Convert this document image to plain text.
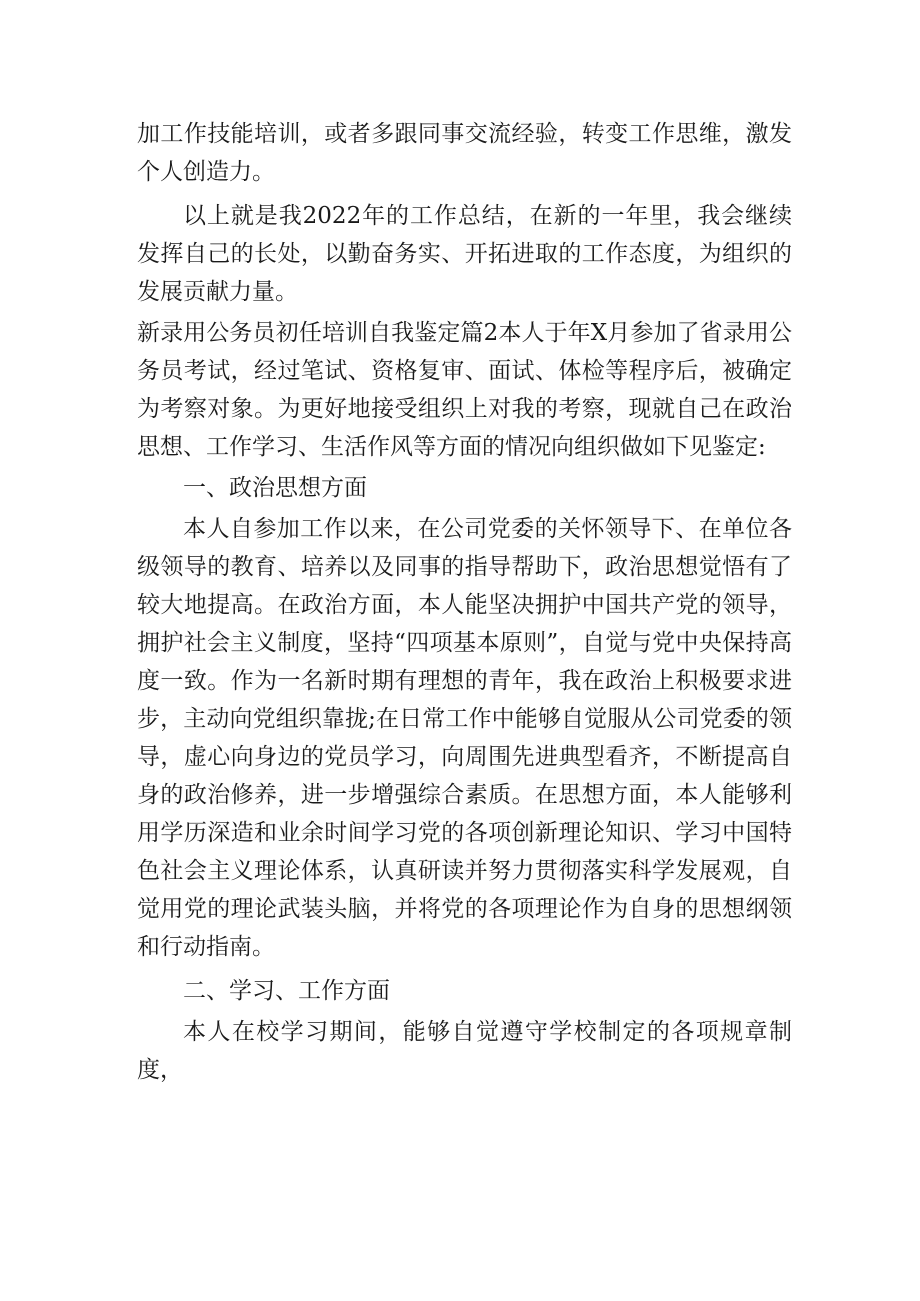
加工作技能培训，或者多跟同事交流经验，转变工作思维，激发个人创造力。

以上就是我2022年的工作总结，在新的一年里，我会继续发挥自己的长处，以勤奋务实、开拓进取的工作态度，为组织的发展贡献力量。

新录用公务员初任培训自我鉴定篇2本人于年X月参加了省录用公务员考试，经过笔试、资格复审、面试、体检等程序后，被确定为考察对象。为更好地接受组织上对我的考察，现就自己在政治思想、工作学习、生活作风等方面的情况向组织做如下见鉴定:

一、政治思想方面

本人自参加工作以来，在公司党委的关怀领导下、在单位各级领导的教育、培养以及同事的指导帮助下，政治思想觉悟有了较大地提高。在政治方面，本人能坚决拥护中国共产党的领导，拥护社会主义制度，坚持“四项基本原则”，自觉与党中央保持高度一致。作为一名新时期有理想的青年，我在政治上积极要求进步，主动向党组织靠拢;在日常工作中能够自觉服从公司党委的领导，虚心向身边的党员学习，向周围先进典型看齐，不断提高自身的政治修养，进一步增强综合素质。在思想方面，本人能够利用学历深造和业余时间学习党的各项创新理论知识、学习中国特色社会主义理论体系，认真研读并努力贯彻落实科学发展观，自觉用党的理论武装头脑，并将党的各项理论作为自身的思想纲领和行动指南。

二、学习、工作方面

本人在校学习期间，能够自觉遵守学校制定的各项规章制度，
